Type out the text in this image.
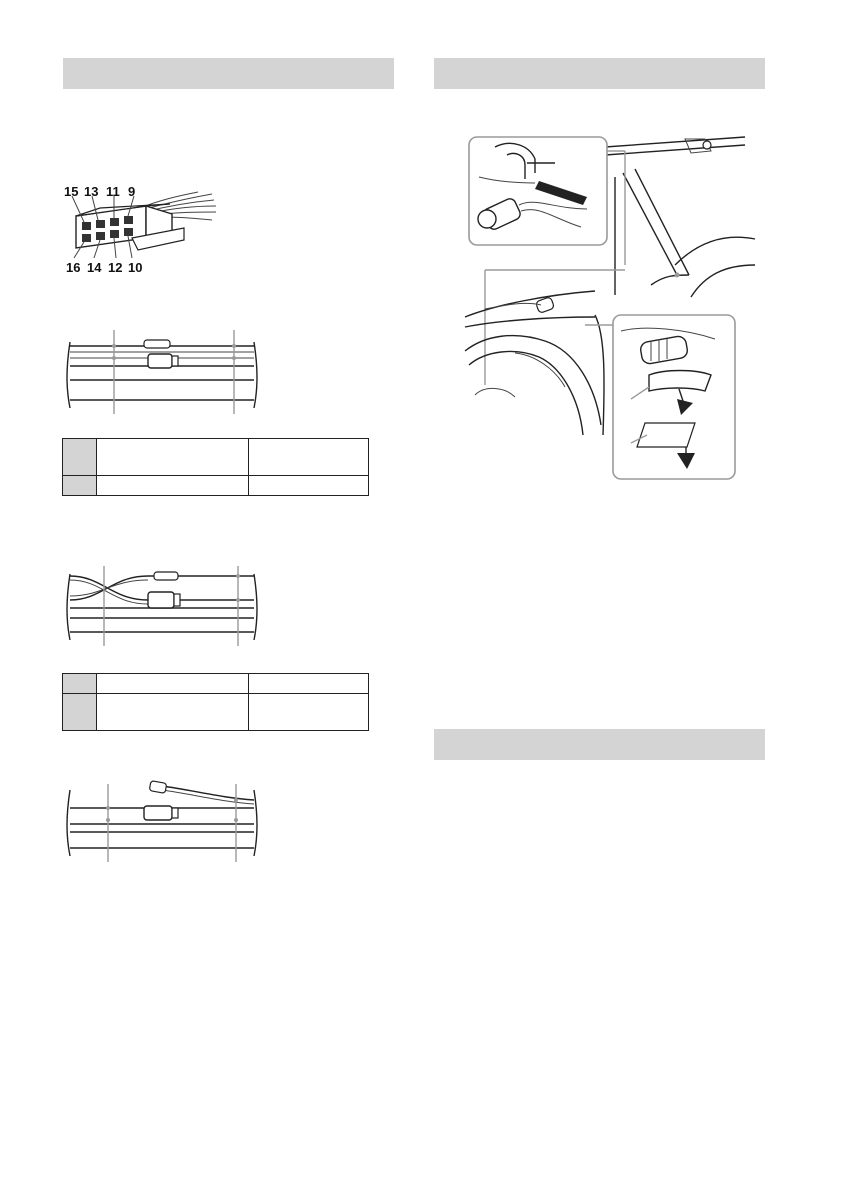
15 13 11 9
16 14 12 10
